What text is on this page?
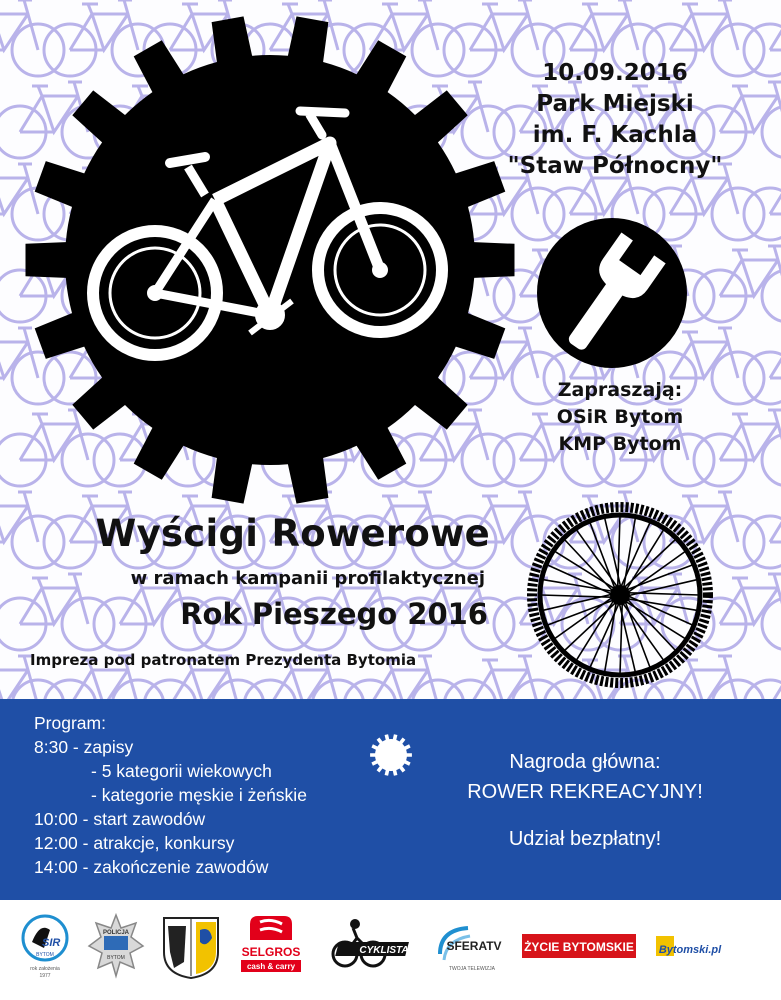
10.09.2016
Park Miejski
im. F. Kachla
"Staw Północny"
Zapraszają:
OSiR Bytom
KMP Bytom
Wyścigi Rowerowe
w ramach kampanii profilaktycznej
Rok Pieszego 2016
Impreza pod patronatem Prezydenta Bytomia
Program:
8:30 - zapisy
- 5 kategorii wiekowych
- kategorie męskie i żeńskie
10:00 - start zawodów
12:00 - atrakcje, konkursy
14:00 - zakończenie zawodów
Nagroda główna:
ROWER REKREACYJNY!
Udział bezpłatny!
SIR
BYTOM
rok założenia
1977
POLICJA
BYTOM	SELGROS
cash & carry
CYKLISTA	SFERATV
TWOJA TELEWIZJA
ŻYCIE BYTOMSKIE Bytomski.pl
